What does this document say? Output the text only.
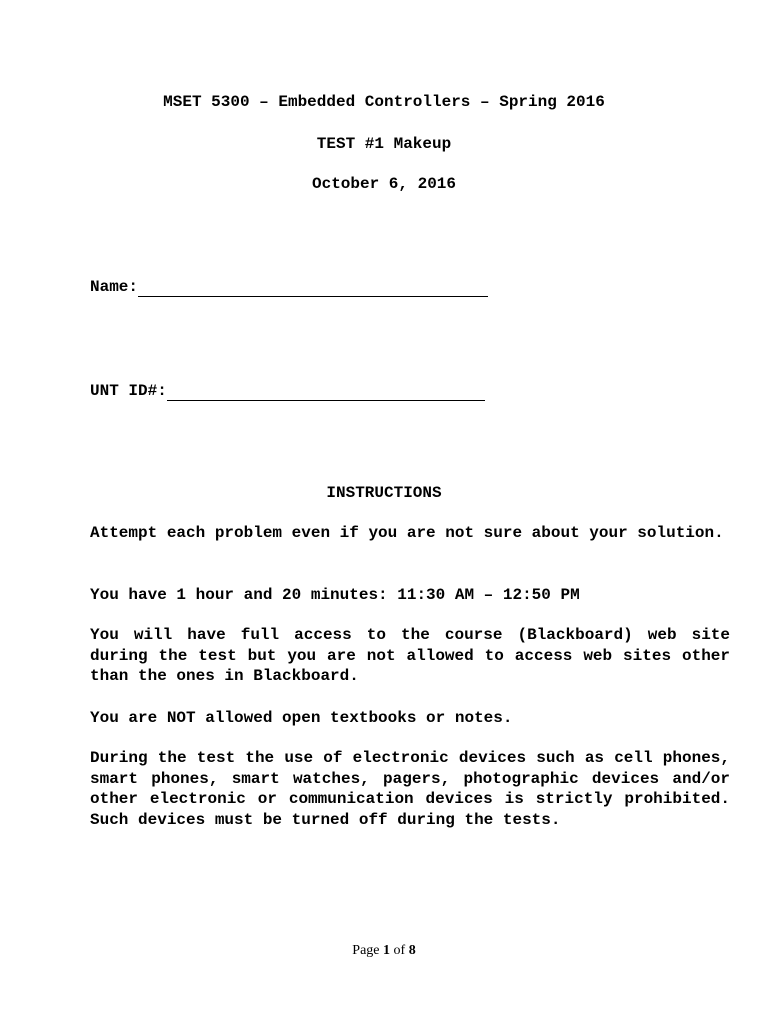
MSET 5300 – Embedded Controllers – Spring 2016
TEST #1 Makeup
October 6, 2016
Name:
UNT ID#:
INSTRUCTIONS
Attempt each problem even if you are not sure about your solution.
You have 1 hour and 20 minutes: 11:30 AM – 12:50 PM
You will have full access to the course (Blackboard) web site during the test but you are not allowed to access web sites other than the ones in Blackboard.
You are NOT allowed open textbooks or notes.
During the test the use of electronic devices such as cell phones, smart phones, smart watches, pagers, photographic devices and/or other electronic or communication devices is strictly prohibited. Such devices must be turned off during the tests.
Page 1 of 8
